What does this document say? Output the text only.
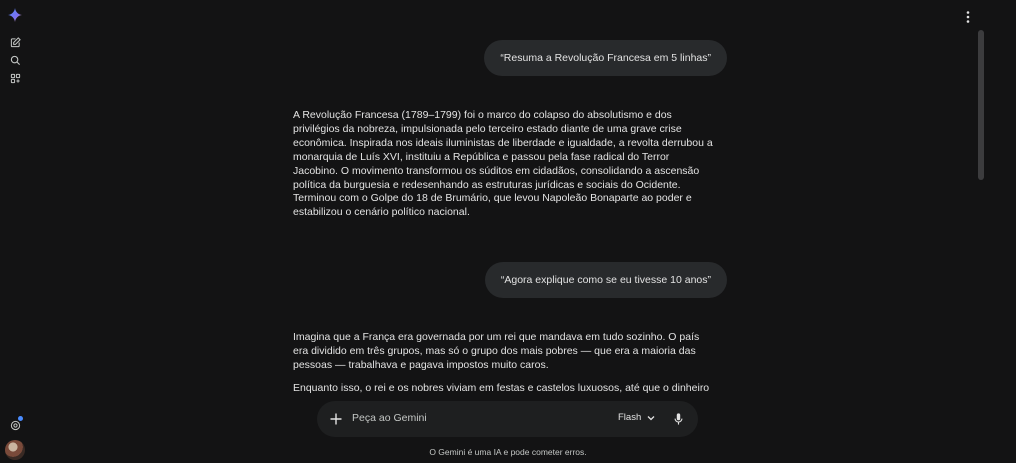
“Resuma a Revolução Francesa em 5 linhas”

A Revolução Francesa (1789–1799) foi o marco do colapso do absolutismo e dos privilégios da nobreza, impulsionada pelo terceiro estado diante de uma grave crise econômica. Inspirada nos ideais iluministas de liberdade e igualdade, a revolta derrubou a monarquia de Luís XVI, instituiu a República e passou pela fase radical do Terror Jacobino. O movimento transformou os súditos em cidadãos, consolidando a ascensão política da burguesia e redesenhando as estruturas jurídicas e sociais do Ocidente. Terminou com o Golpe do 18 de Brumário, que levou Napoleão Bonaparte ao poder e estabilizou o cenário político nacional.

“Agora explique como se eu tivesse 10 anos”

Imagina que a França era governada por um rei que mandava em tudo sozinho. O país era dividido em três grupos, mas só o grupo dos mais pobres — que era a maioria das pessoas — trabalhava e pagava impostos muito caros.

Enquanto isso, o rei e os nobres viviam em festas e castelos luxuosos, até que o dinheiro

Peça ao Gemini	Flash
O Gemini é uma IA e pode cometer erros.
